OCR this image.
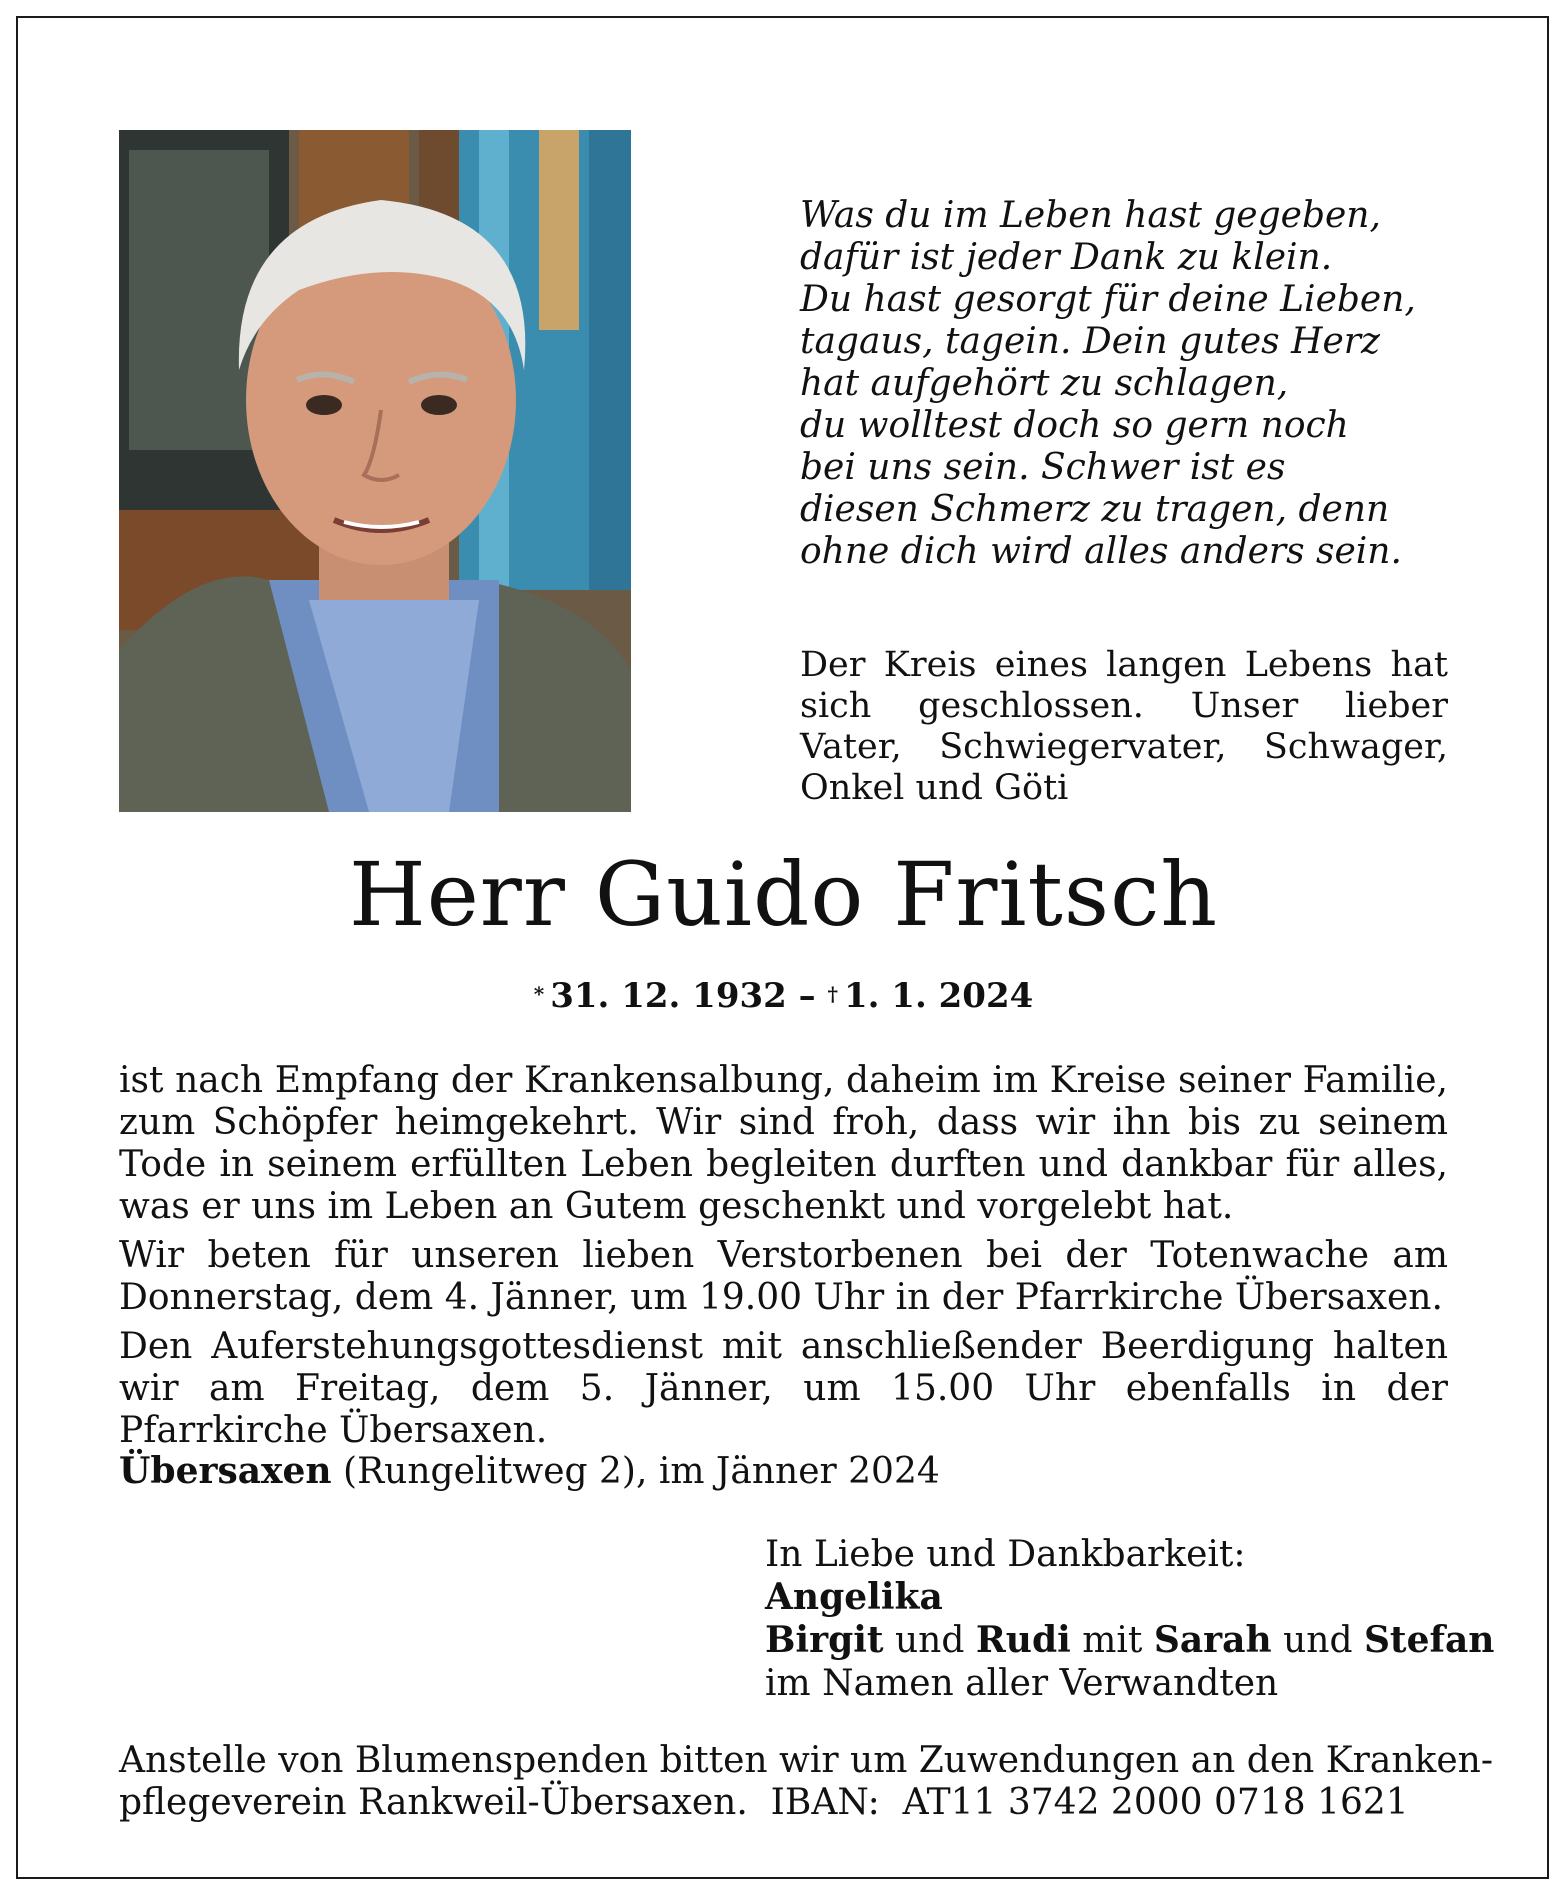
Was du im Leben hast gegeben,
dafür ist jeder Dank zu klein.
Du hast gesorgt für deine Lieben,
tagaus, tagein. Dein gutes Herz
hat aufgehört zu schlagen,
du wolltest doch so gern noch
bei uns sein. Schwer ist es
diesen Schmerz zu tragen, denn
ohne dich wird alles anders sein.
Der Kreis eines langen Lebens hat sich geschlossen. Unser lieber Vater, Schwiegervater, Schwager, Onkel und Göti
Herr Guido Fritsch
* 31. 12. 1932 – † 1. 1. 2024

ist nach Empfang der Krankensalbung, daheim im Kreise seiner Familie, zum Schöpfer heimgekehrt. Wir sind froh, dass wir ihn bis zu seinem Tode in seinem erfüllten Leben begleiten durften und dankbar für alles, was er uns im Leben an Gutem geschenkt und vorgelebt hat.

Wir beten für unseren lieben Verstorbenen bei der Totenwache am Donnerstag, dem 4. Jänner, um 19.00 Uhr in der Pfarrkirche Übersaxen.

Den Auferstehungsgottesdienst mit anschließender Beerdigung halten wir am Freitag, dem 5. Jänner, um 15.00 Uhr ebenfalls in der Pfarrkirche Übersaxen.

Übersaxen (Rungelitweg 2), im Jänner 2024
In Liebe und Dankbarkeit:
Angelika
Birgit und Rudi mit Sarah und Stefan
im Namen aller Verwandten
Anstelle von Blumenspenden bitten wir um Zuwendungen an den Kranken-
pflegeverein Rankweil-Übersaxen.  IBAN:  AT11 3742 2000 0718 1621
